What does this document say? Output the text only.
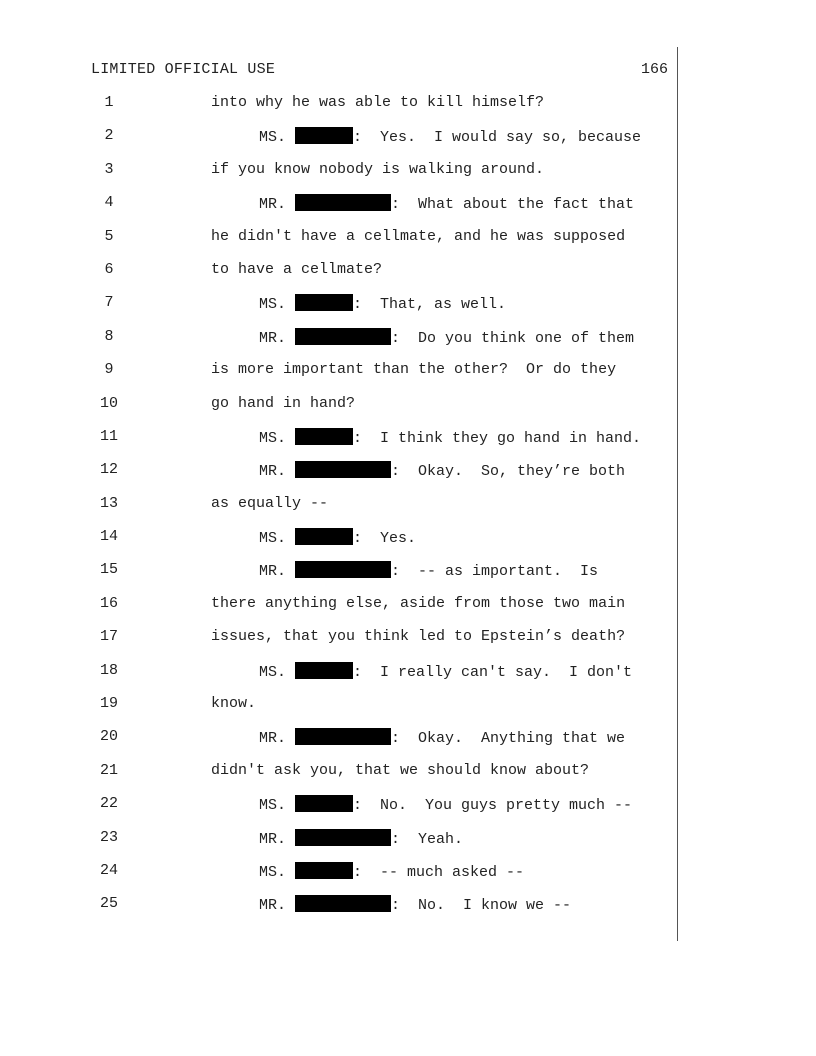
LIMITED OFFICIAL USE	166
1	into why he was able to kill himself?
2	MS.	:  Yes.  I would say so, because
3	if you know nobody is walking around.
4	MR.	:  What about the fact that
5	he didn't have a cellmate, and he was supposed
6	to have a cellmate?
7	MS.	:  That, as well.
8	MR.	:  Do you think one of them
9	is more important than the other?  Or do they
10	go hand in hand?
11	MS.	:  I think they go hand in hand.
12	MR.	:  Okay.  So, they’re both
13	as equally --
14	MS.	:  Yes.
15	MR.	:  -- as important.  Is
16	there anything else, aside from those two main
17	issues, that you think led to Epstein’s death?
18	MS.	:  I really can't say.  I don't
19	know.
20	MR.	:  Okay.  Anything that we
21	didn't ask you, that we should know about?
22	MS.	:  No.  You guys pretty much --
23	MR.	:  Yeah.
24	MS.	:  -- much asked --
25	MR.	:  No.  I know we --
